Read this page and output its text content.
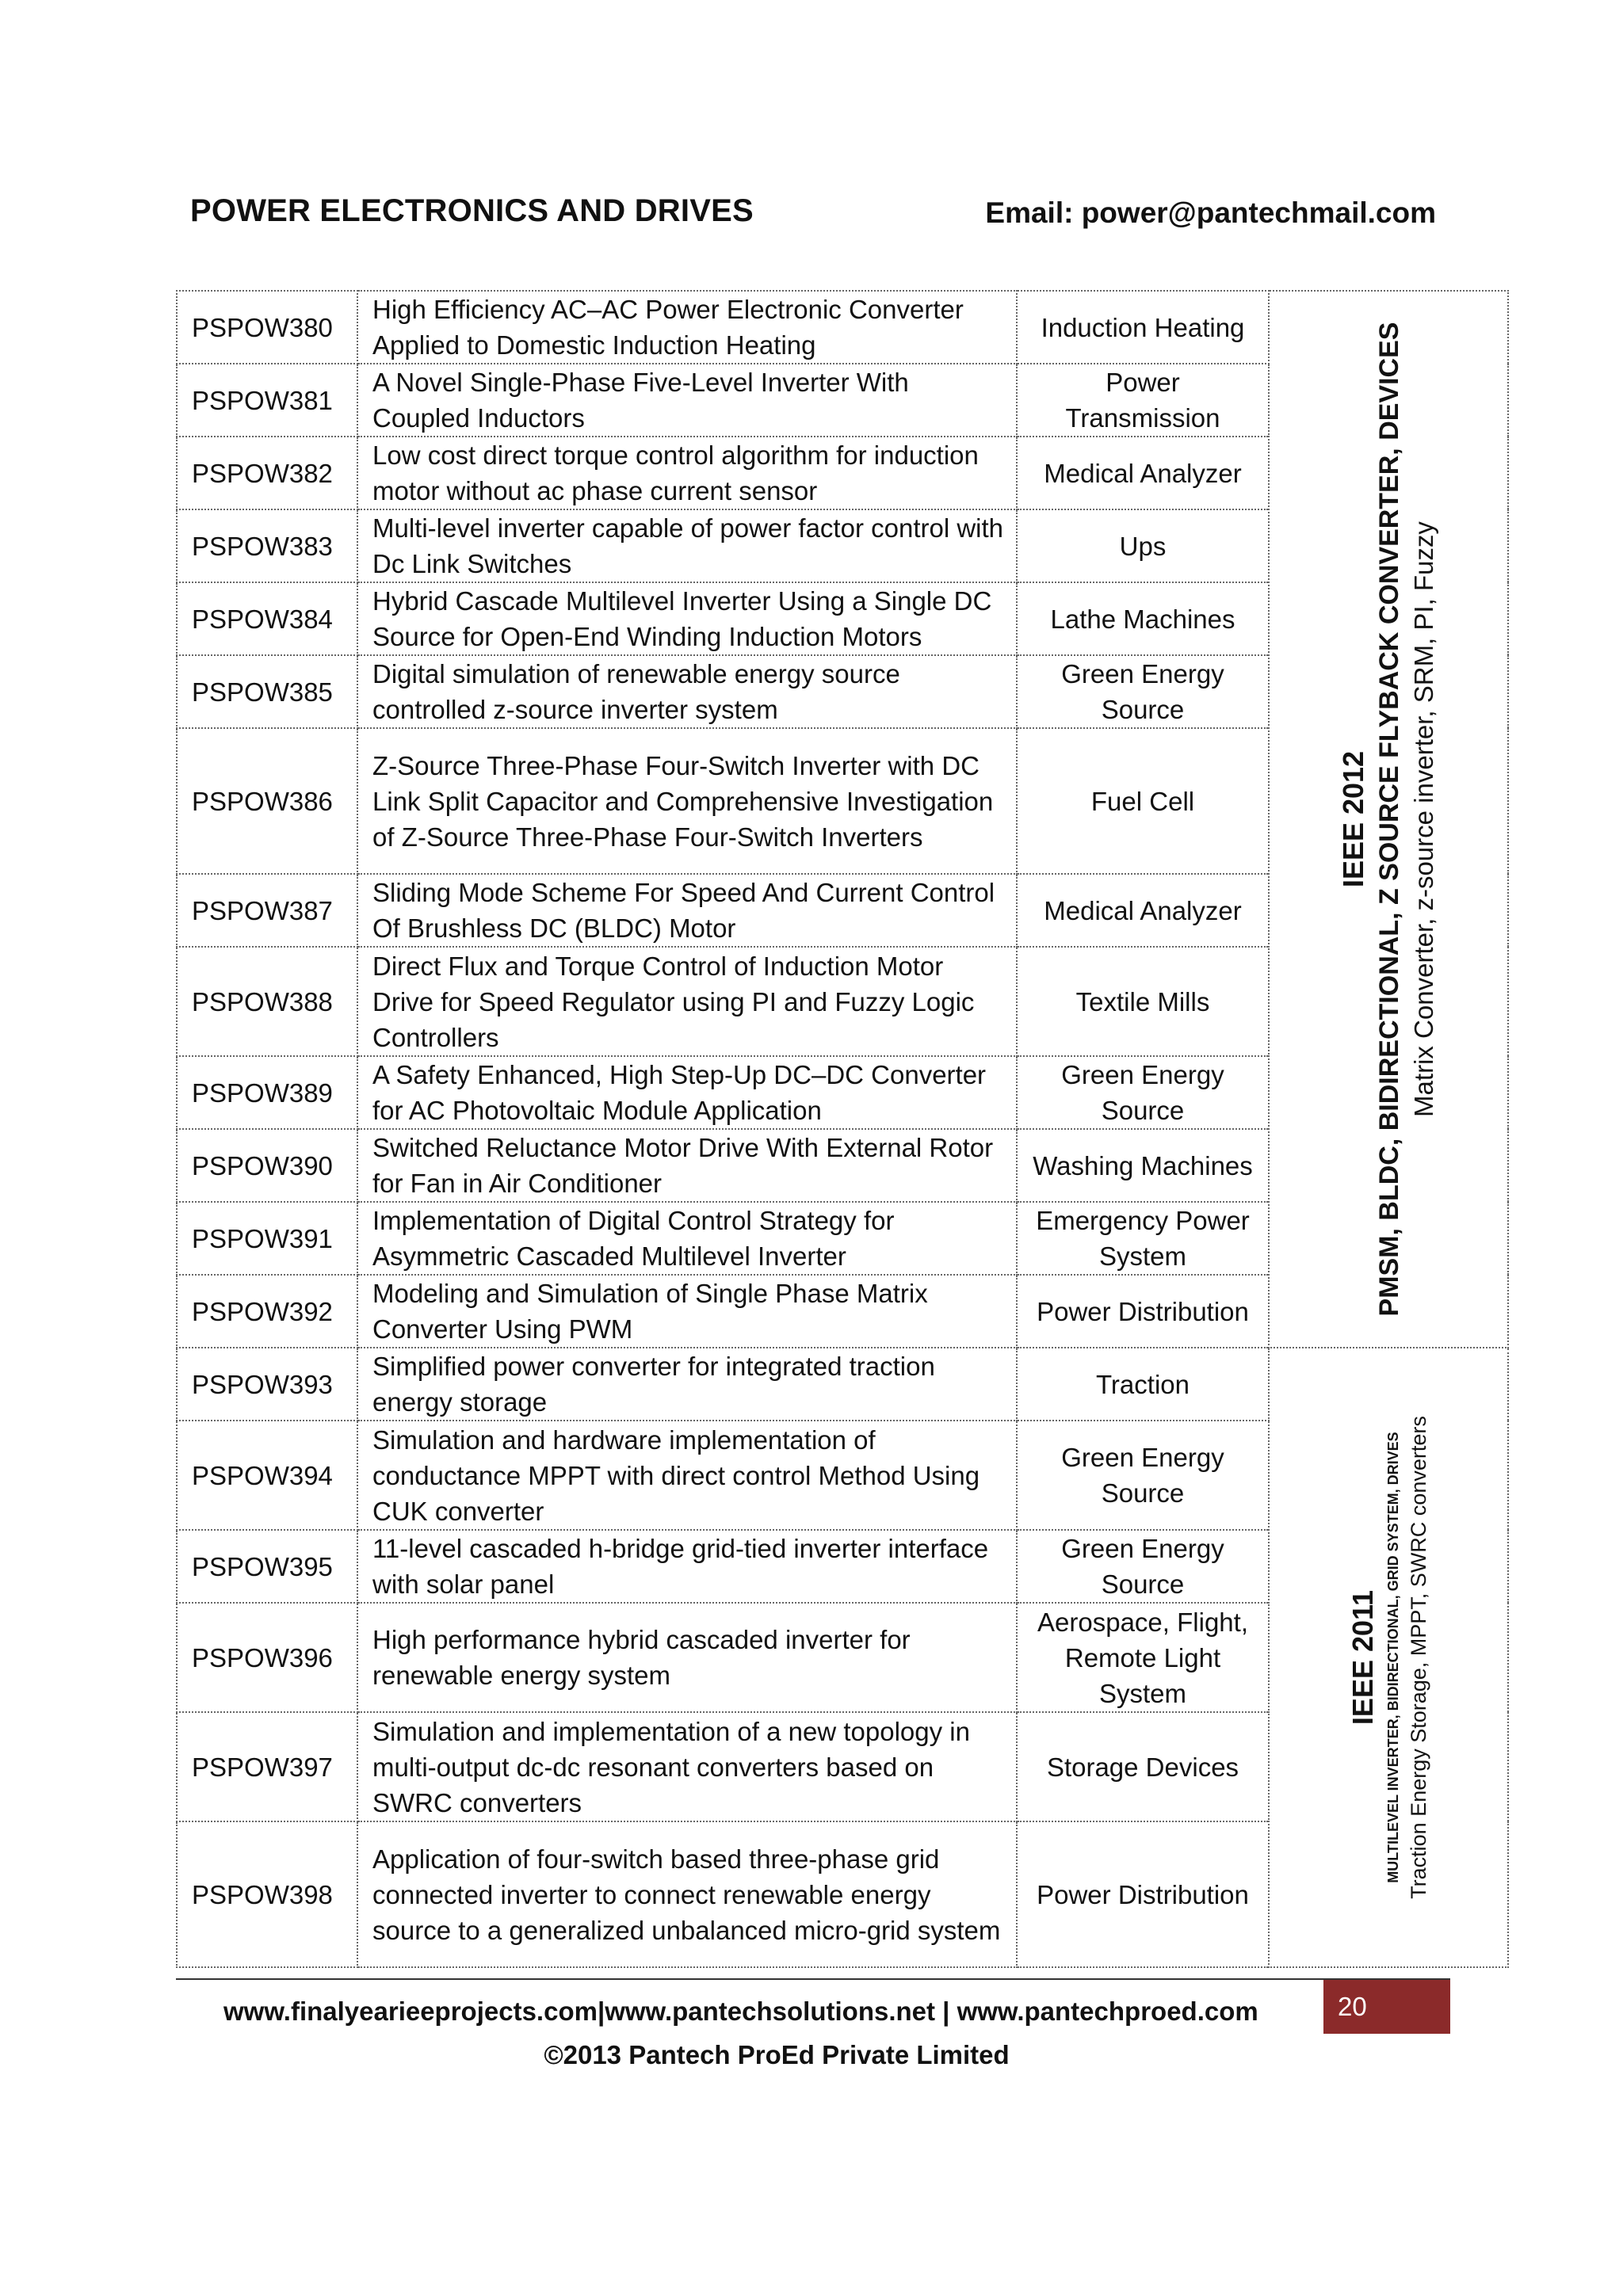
POWER ELECTRONICS AND DRIVES	Email: power@pantechmail.com
PSPOW380	High Efficiency AC–AC Power Electronic Converter Applied to Domestic Induction Heating	Induction Heating	IEEE 2012 PMSM, BLDC, BIDIRECTIONAL, Z SOURCE FLYBACK CONVERTER, DEVICES Matrix Converter, z-source inverter, SRM, PI, Fuzzy

PSPOW381	A Novel Single-Phase Five-Level Inverter With Coupled Inductors	Power Transmission	
PSPOW382	Low cost direct torque control algorithm for induction motor without ac phase current sensor	Medical Analyzer	
PSPOW383	Multi-level inverter capable of power factor control with Dc Link Switches	Ups	
PSPOW384	Hybrid Cascade Multilevel Inverter Using a Single DC Source for Open-End Winding Induction Motors	Lathe Machines	
PSPOW385	Digital simulation of renewable energy source controlled z-source inverter system	Green Energy Source	
PSPOW386	Z-Source Three-Phase Four-Switch Inverter with DC Link Split Capacitor and Comprehensive Investigation of Z-Source Three-Phase Four-Switch Inverters	Fuel Cell	
PSPOW387	Sliding Mode Scheme For Speed And Current Control Of Brushless DC (BLDC) Motor	Medical Analyzer	
PSPOW388	Direct Flux and Torque Control of Induction Motor Drive for Speed Regulator using PI and Fuzzy Logic Controllers	Textile Mills	
PSPOW389	A Safety Enhanced, High Step-Up DC–DC Converter for AC Photovoltaic Module Application	Green Energy Source	
PSPOW390	Switched Reluctance Motor Drive With External Rotor for Fan in Air Conditioner	Washing Machines	
PSPOW391	Implementation of Digital Control Strategy for Asymmetric Cascaded Multilevel Inverter	Emergency Power System	
PSPOW392	Modeling and Simulation of Single Phase Matrix Converter Using PWM	Power Distribution	
PSPOW393	Simplified power converter for integrated traction energy storage	Traction	IEEE 2011 MULTILEVEL INVERTER, BIDIRECTIONAL, GRID SYSTEM, DRIVES Traction Energy Storage, MPPT, SWRC converters

PSPOW394	Simulation and hardware implementation of conductance MPPT with direct control Method Using CUK converter	Green Energy Source	
PSPOW395	11-level cascaded h-bridge grid-tied inverter interface with solar panel	Green Energy Source	
PSPOW396	High performance hybrid cascaded inverter for renewable energy system	Aerospace, Flight, Remote Light System	
PSPOW397	Simulation and implementation of a new topology in multi-output dc-dc resonant converters based on SWRC converters	Storage Devices	
PSPOW398	Application of four-switch based three-phase grid connected inverter to connect renewable energy source to a generalized unbalanced micro-grid system	Power Distribution	
www.finalyearieeprojects.com|www.pantechsolutions.net | www.pantechproed.com	20
©2013 Pantech ProEd Private Limited
